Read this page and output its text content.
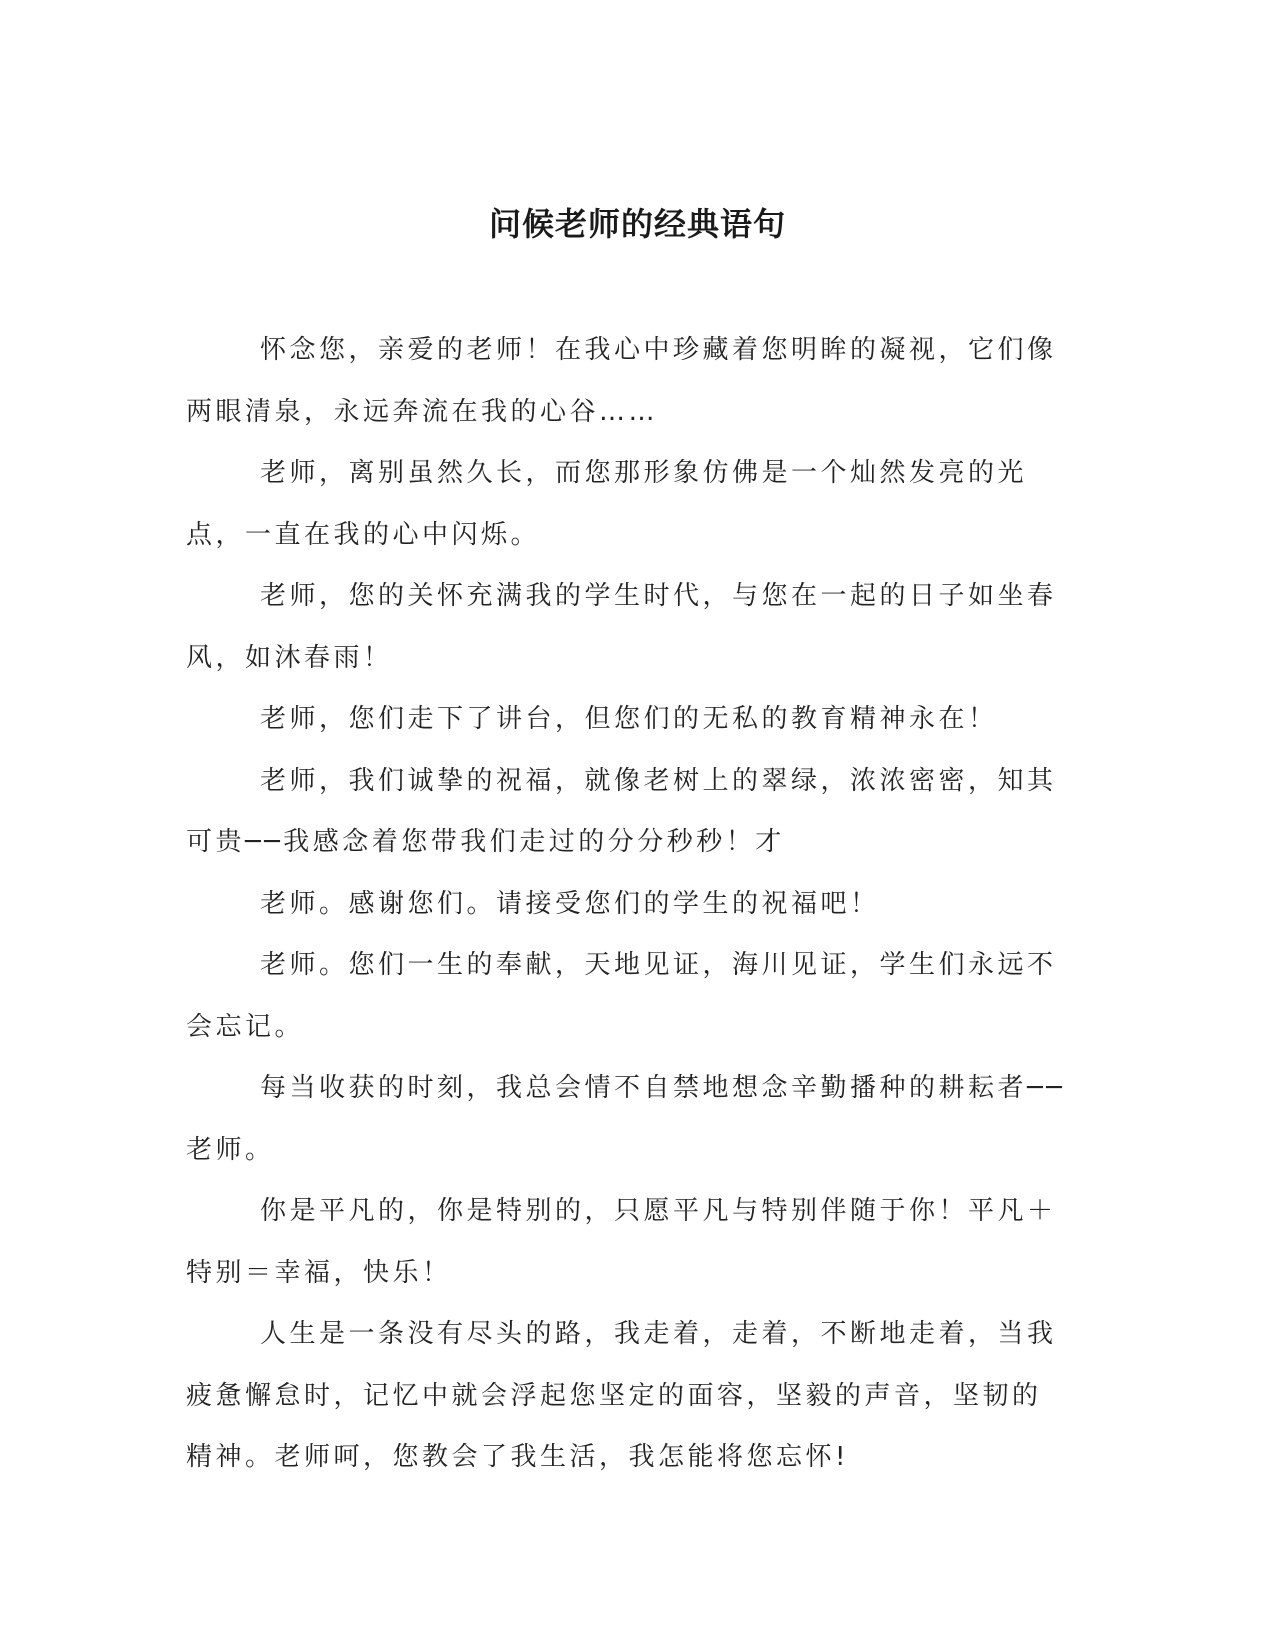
问候老师的经典语句

怀念您，亲爱的老师！在我心中珍藏着您明眸的凝视，它们像两眼清泉，永远奔流在我的心谷……

老师，离别虽然久长，而您那形象仿佛是一个灿然发亮的光点，一直在我的心中闪烁。

老师，您的关怀充满我的学生时代，与您在一起的日子如坐春风，如沐春雨！

老师，您们走下了讲台，但您们的无私的教育精神永在！

老师，我们诚挚的祝福，就像老树上的翠绿，浓浓密密，知其可贵──我感念着您带我们走过的分分秒秒！才

老师。感谢您们。请接受您们的学生的祝福吧！

老师。您们一生的奉献，天地见证，海川见证，学生们永远不会忘记。

每当收获的时刻，我总会情不自禁地想念辛勤播种的耕耘者──老师。

你是平凡的，你是特别的，只愿平凡与特别伴随于你！平凡＋特别＝幸福，快乐！

人生是一条没有尽头的路，我走着，走着，不断地走着，当我疲惫懈怠时，记忆中就会浮起您坚定的面容，坚毅的声音，坚韧的精神。老师呵，您教会了我生活，我怎能将您忘怀!
